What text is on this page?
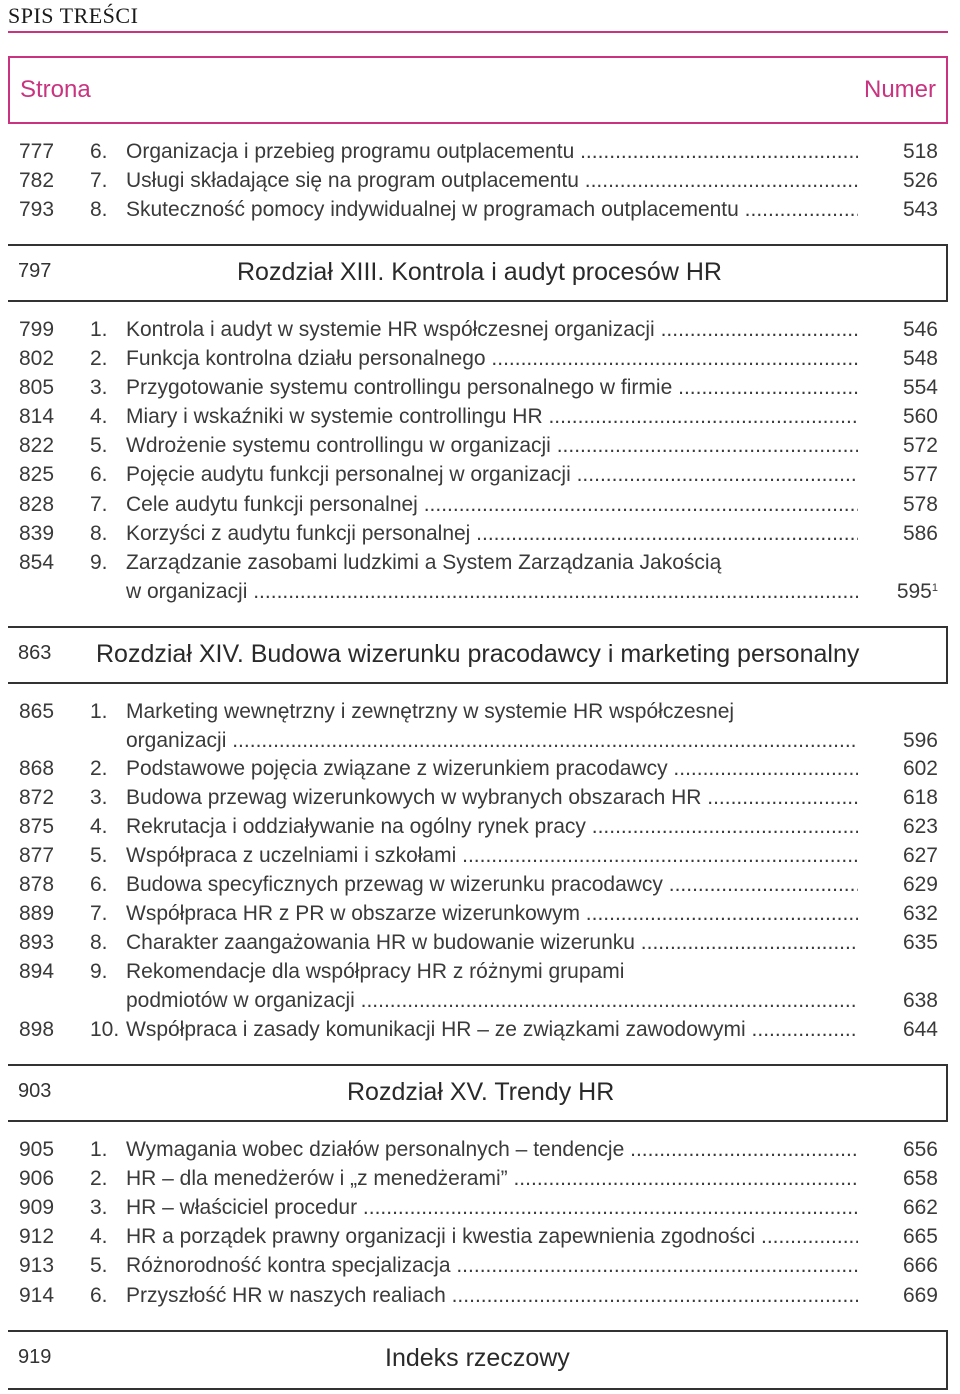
SPIS TREŚCI
Strona	Numer
777 6. Organizacja i przebieg programu outplacementu .....	518
782 7. Usługi składające się na program outplacementu .....	526
793 8. Skuteczność pomocy indywidualnej w programach outplacementu .....	543
797	Rozdział XIII. Kontrola i audyt procesów HR
799 1. Kontrola i audyt w systemie HR współczesnej organizacji .....	546
802 2. Funkcja kontrolna działu personalnego .....	548
805 3. Przygotowanie systemu controllingu personalnego w firmie .....	554
814 4. Miary i wskaźniki w systemie controllingu HR .....	560
822 5. Wdrożenie systemu controllingu w organizacji .....	572
825 6. Pojęcie audytu funkcji personalnej w organizacji .....	577
828 7. Cele audytu funkcji personalnej .....	578
839 8. Korzyści z audytu funkcji personalnej .....	586
854 9. Zarządzanie zasobami ludzkimi a System Zarządzania Jakością
w organizacji .....	$595^1$
863 Rozdział XIV. Budowa wizerunku pracodawcy i marketing personalny
865 1. Marketing wewnętrzny i zewnętrzny w systemie HR współczesnej
organizacji .....	596
868 2. Podstawowe pojęcia związane z wizerunkiem pracodawcy .....	602
872 3. Budowa przewag wizerunkowych w wybranych obszarach HR .....	618
875 4. Rekrutacja i oddziaływanie na ogólny rynek pracy .....	623
877 5. Współpraca z uczelniami i szkołami .....	627
878 6. Budowa specyficznych przewag w wizerunku pracodawcy .....	629
889 7. Współpraca HR z PR w obszarze wizerunkowym .....	632
893 8. Charakter zaangażowania HR w budowanie wizerunku .....	635
894 9. Rekomendacje dla współpracy HR z różnymi grupami
podmiotów w organizacji .....	638
898 10. Współpraca i zasady komunikacji HR – ze związkami zawodowymi .....	644
903	Rozdział XV. Trendy HR
905 1. Wymagania wobec działów personalnych – tendencje .....	656
906 2. HR – dla menedżerów i „z menedżerami” .....	658
909 3. HR – właściciel procedur .....	662
912 4. HR a porządek prawny organizacji i kwestia zapewnienia zgodności .....	665
913 5. Różnorodność kontra specjalizacja .....	666
914 6. Przyszłość HR w naszych realiach .....	669
919	Indeks rzeczowy
